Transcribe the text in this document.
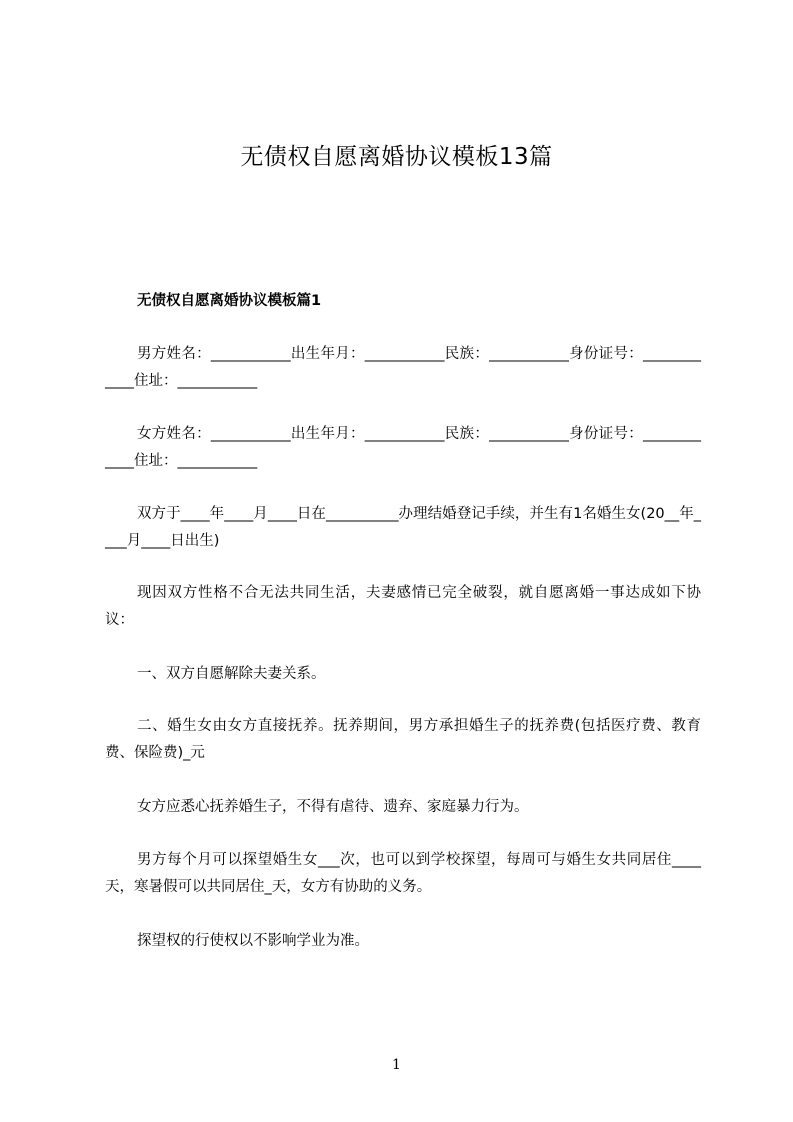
无债权自愿离婚协议模板13篇
无债权自愿离婚协议模板篇1

男方姓名：___________出生年月：___________民族：___________身份证号：____________住址：___________

女方姓名：___________出生年月：___________民族：___________身份证号：____________住址：___________

双方于____年____月____日在__________办理结婚登记手续，并生有1名婚生女(20__年____月____日出生)

现因双方性格不合无法共同生活，夫妻感情已完全破裂，就自愿离婚一事达成如下协议：

一、双方自愿解除夫妻关系。

二、婚生女由女方直接抚养。抚养期间，男方承担婚生子的抚养费(包括医疗费、教育费、保险费)_元

女方应悉心抚养婚生子，不得有虐待、遗弃、家庭暴力行为。

男方每个月可以探望婚生女___次，也可以到学校探望，每周可与婚生女共同居住____天，寒暑假可以共同居住_天，女方有协助的义务。

探望权的行使权以不影响学业为准。

1
